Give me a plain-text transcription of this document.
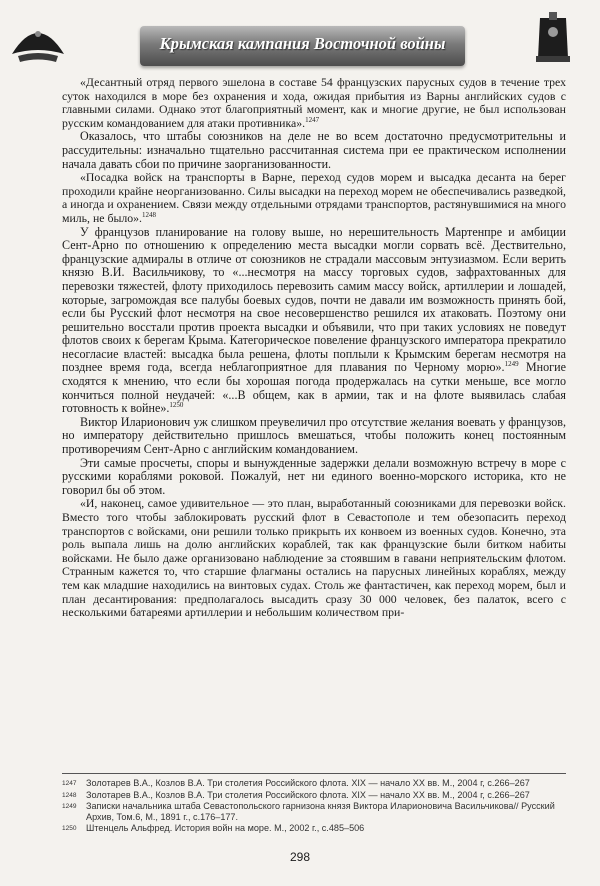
Крымская кампания Восточной войны

«Десантный отряд первого эшелона в составе 54 французских парусных судов в течение трех суток находился в море без охранения и хода, ожидая прибытия из Варны английских судов с главными силами. Однако этот благоприятный момент, как и многие другие, не был использован русским командованием для атаки противника».$^{1247}$

Оказалось, что штабы союзников на деле не во всем достаточно предусмотрительны и рассудительны: изначально тщательно рассчитанная система при ее практическом исполнении начала давать сбои по причине заорганизованности.

«Посадка войск на транспорты в Варне, переход судов морем и высадка десанта на берег проходили крайне неорганизованно. Силы высадки на переход морем не обеспечивались разведкой, а иногда и охранением. Связи между отдельными отрядами транспортов, растянувшимися на много миль, не было».$^{1248}$

У французов планирование на голову выше, но нерешительность Мартенпре и амбиции Сент-Арно по отношению к определению места высадки могли сорвать всё. Дествительно, французские адмиралы в отличе от союзников не страдали массовым энтузиазмом. Если верить князю В.И. Васильчикову, то «...несмотря на массу торговых судов, зафрахтованных для перевозки тяжестей, флоту приходилось перевозить самим массу войск, артиллерии и лошадей, которые, загромождая все палубы боевых судов, почти не давали им возможность принять бой, если бы Русский флот несмотря на свое несовершенство решился их атаковать. Поэтому они решительно восстали против проекта высадки и объявили, что при таких условиях не поведут флотов своих к берегам Крыма. Категорическое повеление французского императора прекратило несогласие властей: высадка была решена, флоты поплыли к Крымским берегам несмотря на позднее время года, всегда неблагоприятное для плавания по Черному морю».$^{1249}$ Многие сходятся к мнению, что если бы хорошая погода продержалась на сутки меньше, все могло кончиться полной неудачей: «...В общем, как в армии, так и на флоте выявилась слабая готовность к войне».$^{1250}$

Виктор Иларионович уж слишком преувеличил про отсутствие желания воевать у французов, но императору действительно пришлось вмешаться, чтобы положить конец постоянным противоречиям Сент-Арно с английским командованием.

Эти самые просчеты, споры и вынужденные задержки делали возможную встречу в море с русскими кораблями роковой. Пожалуй, нет ни единого военно-морского историка, кто не говорил бы об этом.

«И, наконец, самое удивительное — это план, выработанный союзниками для перевозки войск. Вместо того чтобы заблокировать русский флот в Севастополе и тем обезопасить переход транспортов с войсками, они решили только прикрыть их конвоем из военных судов. Конечно, эта роль выпала лишь на долю английских кораблей, так как французские были битком набиты войсками. Не было даже организовано наблюдение за стоявшим в гавани неприятельским флотом. Странным кажется то, что старшие флагманы остались на парусных линейных кораблях, между тем как младшие находились на винтовых судах. Столь же фантастичен, как переход морем, был и план десантирования: предполагалось высадить сразу 30 000 человек, без палаток, всего с несколькими батареями артиллерии и небольшим количеством при-

1247	Золотарев В.А., Козлов В.А. Три столетия Российского флота. XIX — начало XX вв. М., 2004 г, с.266–267
1248	Золотарев В.А., Козлов В.А. Три столетия Российского флота. XIX — начало XX вв. М., 2004 г, с.266–267
1249	Записки начальника штаба Севастопольского гарнизона князя Виктора Иларионовича Васильчикова// Русский Архив, Том.6, М., 1891 г., с.176–177.
1250	Штенцель Альфред. История войн на море. М., 2002 г., с.485–506
298
